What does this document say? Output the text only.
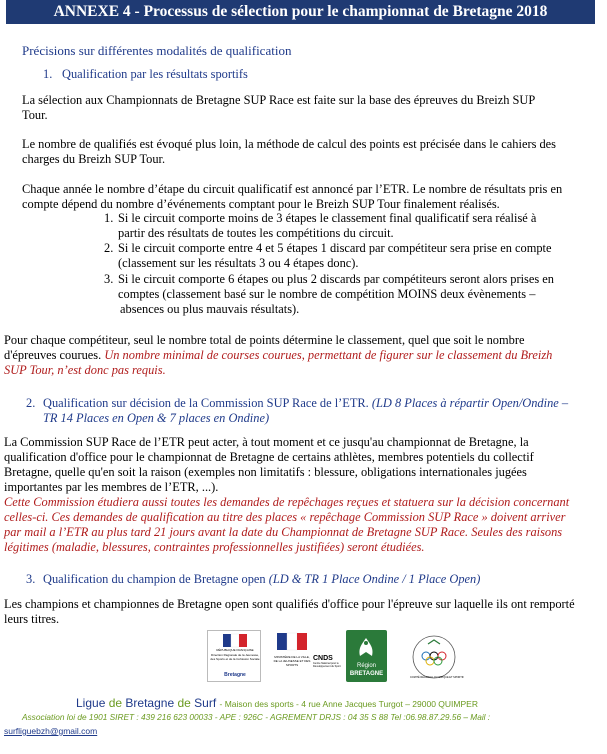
ANNEXE 4 - Processus de sélection pour le championnat de Bretagne 2018
Précisions sur différentes modalités de qualification
1. Qualification par les résultats sportifs
La sélection aux Championnats de Bretagne SUP Race est faite sur la base des épreuves du Breizh SUP
Tour.
Le nombre de qualifiés est évoqué plus loin, la méthode de calcul des points est précisée dans le cahiers des
charges du Breizh SUP Tour.
Chaque année le nombre d’étape du circuit qualificatif est annoncé par l’ETR. Le nombre de résultats pris en
compte dépend du nombre d’événements comptant pour le Breizh SUP Tour finalement réalisés.
1. Si le circuit comporte moins de 3 étapes le classement final qualificatif sera réalisé à
partir des résultats de toutes les compétitions du circuit.
2. Si le circuit comporte entre 4 et 5 étapes 1 discard par compétiteur sera prise en compte
(classement sur les résultats 3 ou 4 étapes donc).
3. Si le circuit comporte 6 étapes ou plus 2 discards par compétiteurs seront alors prises en
comptes (classement basé sur le nombre de compétition MOINS deux évènements –
absences ou plus mauvais résultats).
Pour chaque compétiteur, seul le nombre total de points détermine le classement, quel que soit le nombre
d'épreuves courues. Un nombre minimal de courses courues, permettant de figurer sur le classement du Breizh
SUP Tour, n’est donc pas requis.
2. Qualification sur décision de la Commission SUP Race de l’ETR. (LD 8 Places à répartir Open/Ondine –
TR 14 Places en Open & 7 places en Ondine)
La Commission SUP Race de l’ETR peut acter, à tout moment et ce jusqu'au championnat de Bretagne, la
qualification d'office pour le championnat de Bretagne de certains athlètes, membres potentiels du collectif
Bretagne, quelle qu'en soit la raison (exemples non limitatifs : blessure, obligations internationales jugées
importantes par les membres de l’ETR, ...).
Cette Commission étudiera aussi toutes les demandes de repêchages reçues et statuera sur la décision concernant
celles-ci. Ces demandes de qualification au titre des places « repêchage Commission SUP Race » doivent arriver
par mail a l’ETR au plus tard 21 jours avant la date du Championnat de Bretagne SUP Race. Seules des raisons
légitimes (maladie, blessures, contraintes professionnelles justifiées) seront étudiées.
3. Qualification du champion de Bretagne open (LD & TR 1 Place Ondine / 1 Place Open)
Les champions et championnes de Bretagne open sont qualifiés d'office pour l'épreuve sur laquelle ils ont remporté
leurs titres.
RÉPUBLIQUE FRANÇAISE
Direction Régionale de la Jeunesse, des Sports et de la Cohésion Sociale
Bretagne
MINISTÈRE DE LA VILLE, DE LA JEUNESSE ET DES SPORTS
CNDS
Centre National pour le Développement du Sport	Région
BRETAGNE
COMITÉ RÉGIONAL OLYMPIQUE ET SPORTIF
Ligue de Bretagne de Surf - Maison des sports - 4 rue Anne Jacques Turgot – 29000 QUIMPER
Association loi de 1901 SIRET : 439 216 623 00033 - APE : 926C - AGREMENT DRJS : 04 35 S 88 Tel :06.98.87.29.56 – Mail :
surfliguebzh@gmail.com
